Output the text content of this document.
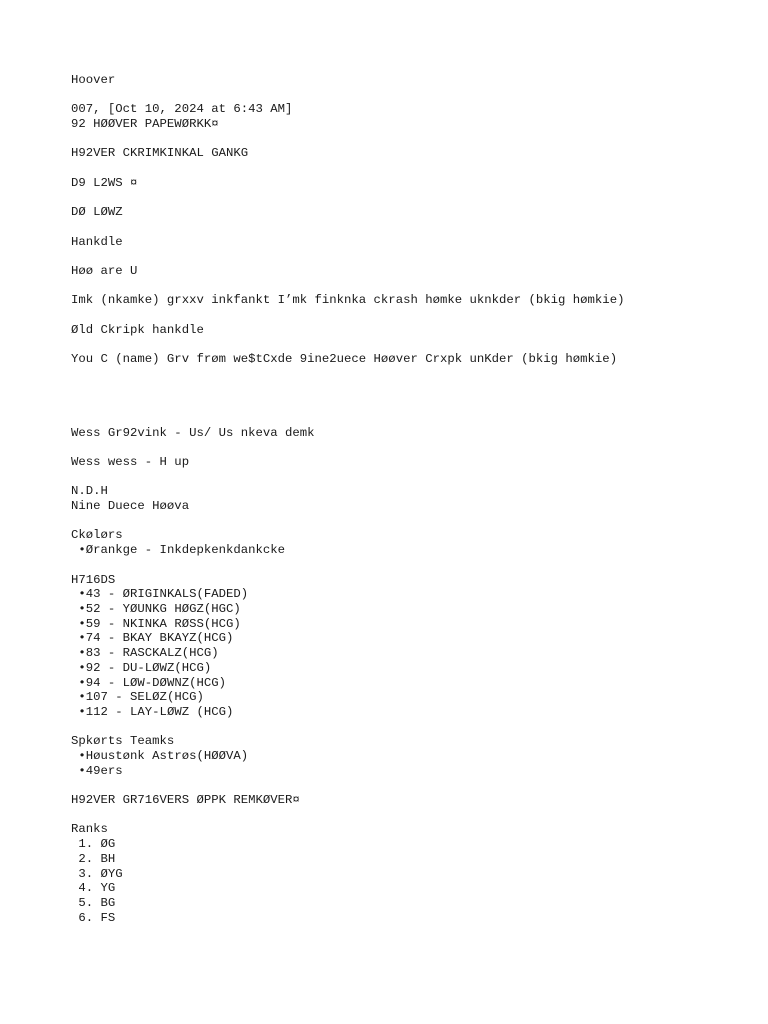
Hoover
007, [Oct 10, 2024 at 6:43 AM]
92 HØØVER PAPEWØRKK¤
H92VER CKRIMKINKAL GANKG
D9 L2WS ¤
DØ LØWZ
Hankdle
Høø are U
Imk (nkamke) grxxv inkfankt I’mk finknka ckrash hømke uknkder (bkig hømkie)
Øld Ckripk hankdle
You C (name) Grv frøm we$tCxde 9ine2uece Høøver Crxpk unKder (bkig hømkie)
Wess Gr92vink - Us/ Us nkeva demk
Wess wess - H up
N.D.H
Nine Duece Høøva
Ckølørs
• Ørankge - Inkdepkenkdankcke
H716DS
• 43 - ØRIGINKALS(FADED)
• 52 - YØUNKG HØGZ(HGC)
• 59 - NKINKA RØSS(HCG)
• 74 - BKAY BKAYZ(HCG)
• 83 - RASCKALZ(HCG)
• 92 - DU-LØWZ(HCG)
• 94 - LØW-DØWNZ(HCG)
• 107 - SELØZ(HCG)
• 112 - LAY-LØWZ (HCG)
Spkørts Teamks
• Høustønk Astrøs(HØØVA)
• 49ers
H92VER GR716VERS ØPPK REMKØVER¤
Ranks
1. ØG
2. BH
3. ØYG
4. YG
5. BG
6. FS
